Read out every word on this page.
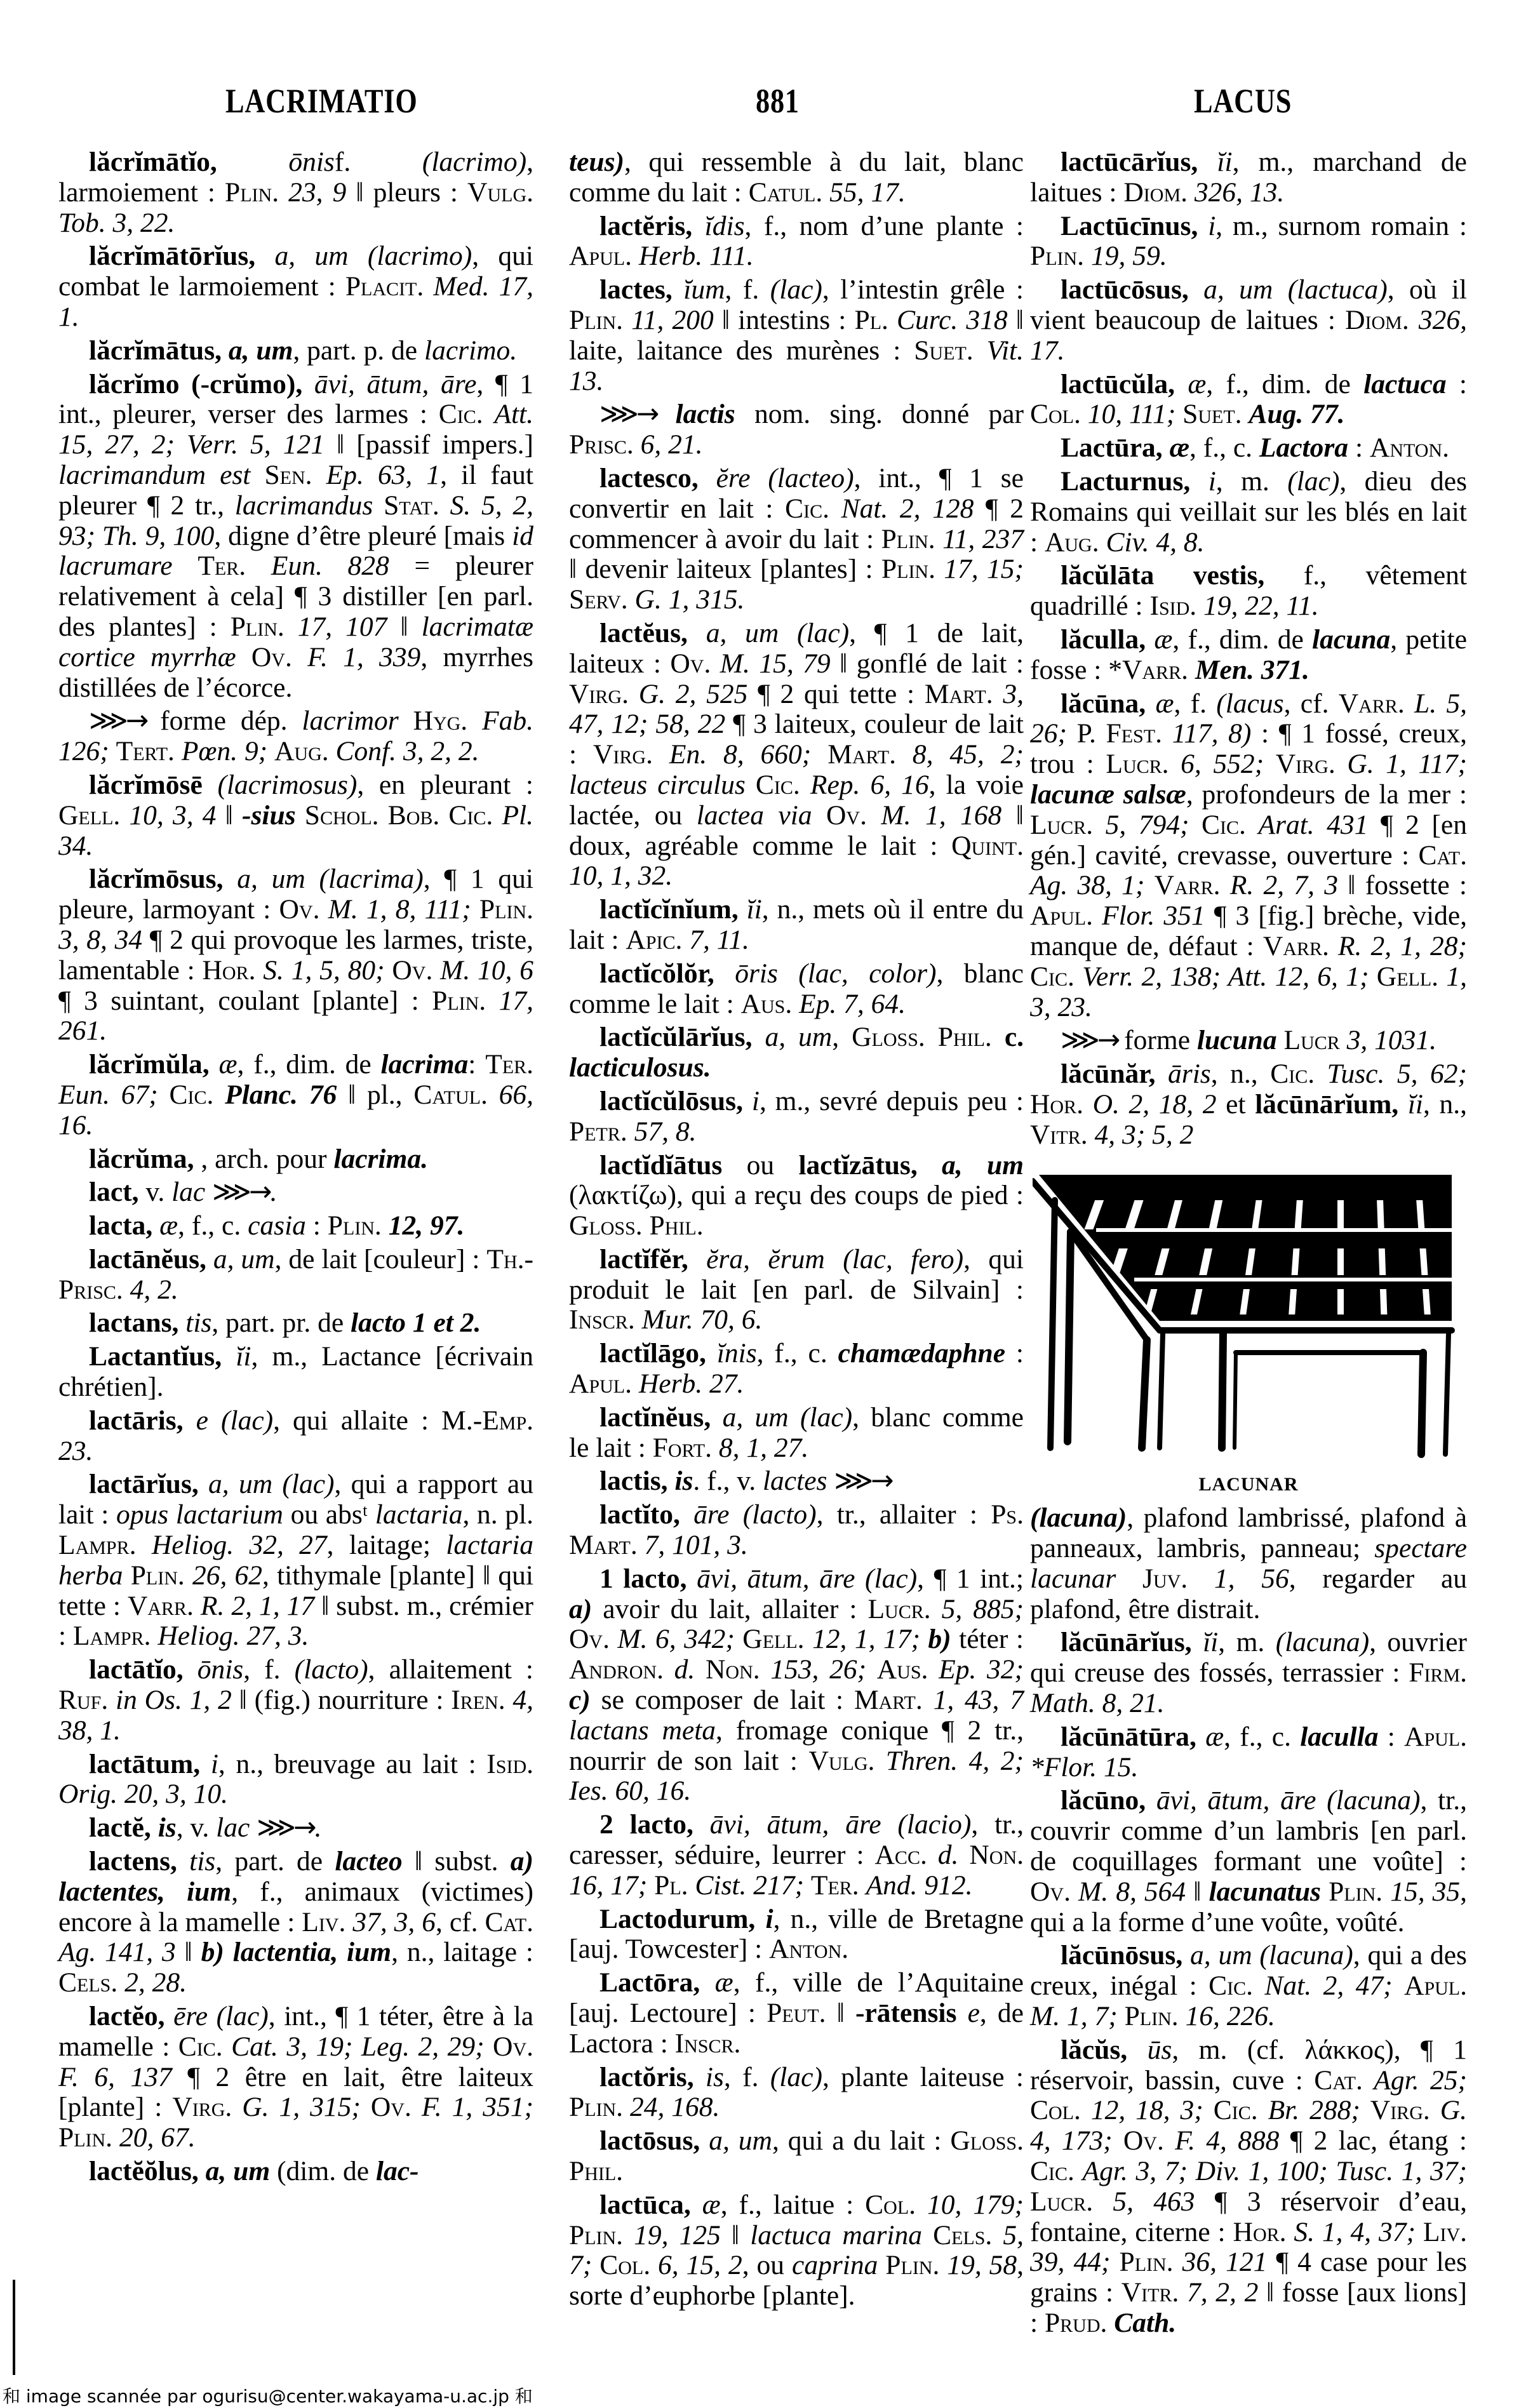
LACRIMATIO	881	LACUS

lăcrĭmātĭo, ōnisf. (lacrimo), larmoiement : Plin. 23, 9 ‖ pleurs : Vulg. Tob. 3, 22.

lăcrĭmātōrĭus, a, um (lacrimo), qui combat le larmoiement : Placit. Med. 17, 1.

lăcrĭmātus, a, um, part. p. de lacrimo.

lăcrĭmo (-crŭmo), āvi, ātum, āre, ¶ 1 int., pleurer, verser des larmes : Cic. Att. 15, 27, 2; Verr. 5, 121 ‖ [passif impers.] lacrimandum est Sen. Ep. 63, 1, il faut pleurer ¶ 2 tr., lacrimandus Stat. S. 5, 2, 93; Th. 9, 100, digne d’être pleuré [mais id lacrumare Ter. Eun. 828 = pleurer relativement à cela] ¶ 3 distiller [en parl. des plantes] : Plin. 17, 107 ‖ lacrimatæ cortice myrrhæ Ov. F. 1, 339, myrrhes distillées de l’écorce.

⋙→ forme dép. lacrimor Hyg. Fab. 126; Tert. Pœn. 9; Aug. Conf. 3, 2, 2.

lăcrĭmōsē (lacrimosus), en pleurant : Gell. 10, 3, 4 ‖ -sius Schol. Bob. Cic. Pl. 34.

lăcrĭmōsus, a, um (lacrima), ¶ 1 qui pleure, larmoyant : Ov. M. 1, 8, 111; Plin. 3, 8, 34 ¶ 2 qui provoque les larmes, triste, lamentable : Hor. S. 1, 5, 80; Ov. M. 10, 6 ¶ 3 suintant, coulant [plante] : Plin. 17, 261.

lăcrĭmŭla, æ, f., dim. de lacrima: Ter. Eun. 67; Cic. Planc. 76 ‖ pl., Catul. 66, 16.

lăcrŭma, , arch. pour lacrima.

lact, v. lac ⋙→.

lacta, æ, f., c. casia : Plin. 12, 97.

lactānĕus, a, um, de lait [couleur] : Th.-Prisc. 4, 2.

lactans, tis, part. pr. de lacto 1 et 2.

Lactantĭus, ĭi, m., Lactance [écrivain chrétien].

lactāris, e (lac), qui allaite : M.-Emp. 23.

lactārĭus, a, um (lac), qui a rapport au lait : opus lactarium ou absᵗ lactaria, n. pl. Lampr. Heliog. 32, 27, laitage; lactaria herba Plin. 26, 62, tithymale [plante] ‖ qui tette : Varr. R. 2, 1, 17 ‖ subst. m., crémier : Lampr. Heliog. 27, 3.

lactātĭo, ōnis, f. (lacto), allaitement : Ruf. in Os. 1, 2 ‖ (fig.) nourriture : Iren. 4, 38, 1.

lactātum, i, n., breuvage au lait : Isid. Orig. 20, 3, 10.

lactĕ, is, v. lac ⋙→.

lactens, tis, part. de lacteo ‖ subst. a) lactentes, ium, f., animaux (victimes) encore à la mamelle : Liv. 37, 3, 6, cf. Cat. Ag. 141, 3 ‖ b) lactentia, ium, n., laitage : Cels. 2, 28.

lactĕo, ēre (lac), int., ¶ 1 téter, être à la mamelle : Cic. Cat. 3, 19; Leg. 2, 29; Ov. F. 6, 137 ¶ 2 être en lait, être laiteux [plante] : Virg. G. 1, 315; Ov. F. 1, 351; Plin. 20, 67.

lactĕŏlus, a, um (dim. de lac-

teus), qui ressemble à du lait, blanc comme du lait : Catul. 55, 17.

lactĕris, ĭdis, f., nom d’une plante : Apul. Herb. 111.

lactes, ĭum, f. (lac), l’intestin grêle : Plin. 11, 200 ‖ intestins : Pl. Curc. 318 ‖ laite, laitance des murènes : Suet. Vit. 13.

⋙→ lactis nom. sing. donné par Prisc. 6, 21.

lactesco, ĕre (lacteo), int., ¶ 1 se convertir en lait : Cic. Nat. 2, 128 ¶ 2 commencer à avoir du lait : Plin. 11, 237 ‖ devenir laiteux [plantes] : Plin. 17, 15; Serv. G. 1, 315.

lactĕus, a, um (lac), ¶ 1 de lait, laiteux : Ov. M. 15, 79 ‖ gonflé de lait : Virg. G. 2, 525 ¶ 2 qui tette : Mart. 3, 47, 12; 58, 22 ¶ 3 laiteux, couleur de lait : Virg. En. 8, 660; Mart. 8, 45, 2; lacteus circulus Cic. Rep. 6, 16, la voie lactée, ou lactea via Ov. M. 1, 168 ‖ doux, agréable comme le lait : Quint. 10, 1, 32.

lactĭcĭnĭum, ĭi, n., mets où il entre du lait : Apic. 7, 11.

lactĭcŏlŏr, ōris (lac, color), blanc comme le lait : Aus. Ep. 7, 64.

lactĭcŭlārĭus, a, um, Gloss. Phil. c. lacticulosus.

lactĭcŭlōsus, i, m., sevré depuis peu : Petr. 57, 8.

lactĭdĭātus ou lactĭzātus, a, um (λακτίζω), qui a reçu des coups de pied : Gloss. Phil.

lactĭfĕr, ĕra, ĕrum (lac, fero), qui produit le lait [en parl. de Silvain] : Inscr. Mur. 70, 6.

lactĭlāgo, ĭnis, f., c. chamædaphne : Apul. Herb. 27.

lactĭnĕus, a, um (lac), blanc comme le lait : Fort. 8, 1, 27.

lactis, is. f., v. lactes ⋙→

lactĭto, āre (lacto), tr., allaiter : Ps. Mart. 7, 101, 3.

1 lacto, āvi, ātum, āre (lac), ¶ 1 int.; a) avoir du lait, allaiter : Lucr. 5, 885; Ov. M. 6, 342; Gell. 12, 1, 17; b) téter : Andron. d. Non. 153, 26; Aus. Ep. 32; c) se composer de lait : Mart. 1, 43, 7 lactans meta, fromage conique ¶ 2 tr., nourrir de son lait : Vulg. Thren. 4, 2; Ies. 60, 16.

2 lacto, āvi, ātum, āre (lacio), tr., caresser, séduire, leurrer : Acc. d. Non. 16, 17; Pl. Cist. 217; Ter. And. 912.

Lactodurum, i, n., ville de Bretagne [auj. Towcester] : Anton.

Lactōra, æ, f., ville de l’Aquitaine [auj. Lectoure] : Peut. ‖ -rātensis e, de Lactora : Inscr.

lactŏris, is, f. (lac), plante laiteuse : Plin. 24, 168.

lactōsus, a, um, qui a du lait : Gloss. Phil.

lactūca, æ, f., laitue : Col. 10, 179; Plin. 19, 125 ‖ lactuca marina Cels. 5, 7; Col. 6, 15, 2, ou caprina Plin. 19, 58, sorte d’euphorbe [plante].

lactūcārĭus, ĭi, m., marchand de laitues : Diom. 326, 13.

Lactūcīnus, i, m., surnom romain : Plin. 19, 59.

lactūcōsus, a, um (lactuca), où il vient beaucoup de laitues : Diom. 326, 17.

lactūcŭla, æ, f., dim. de lactuca : Col. 10, 111; Suet. Aug. 77.

Lactūra, æ, f., c. Lactora : Anton.

Lacturnus, i, m. (lac), dieu des Romains qui veillait sur les blés en lait : Aug. Civ. 4, 8.

lăcŭlāta vestis, f., vêtement quadrillé : Isid. 19, 22, 11.

lăculla, æ, f., dim. de lacuna, petite fosse : *Varr. Men. 371.

lăcūna, æ, f. (lacus, cf. Varr. L. 5, 26; P. Fest. 117, 8) : ¶ 1 fossé, creux, trou : Lucr. 6, 552; Virg. G. 1, 117; lacunæ salsæ, profondeurs de la mer : Lucr. 5, 794; Cic. Arat. 431 ¶ 2 [en gén.] cavité, crevasse, ouverture : Cat. Ag. 38, 1; Varr. R. 2, 7, 3 ‖ fossette : Apul. Flor. 351 ¶ 3 [fig.] brèche, vide, manque de, défaut : Varr. R. 2, 1, 28; Cic. Verr. 2, 138; Att. 12, 6, 1; Gell. 1, 3, 23.

⋙→ forme lucuna Lucr 3, 1031.

lăcūnăr, āris, n., Cic. Tusc. 5, 62; Hor. O. 2, 18, 2 et lăcūnārĭum, ĭi, n., Vitr. 4, 3; 5, 2

LACUNAR

(lacuna), plafond lambrissé, plafond à panneaux, lambris, panneau; spectare lacunar Juv. 1, 56, regarder au plafond, être distrait.

lăcūnārĭus, ĭi, m. (lacuna), ouvrier qui creuse des fossés, terrassier : Firm. Math. 8, 21.

lăcūnātūra, æ, f., c. laculla : Apul. *Flor. 15.

lăcūno, āvi, ātum, āre (lacuna), tr., couvrir comme d’un lambris [en parl. de coquillages formant une voûte] : Ov. M. 8, 564 ‖ lacunatus Plin. 15, 35, qui a la forme d’une voûte, voûté.

lăcūnōsus, a, um (lacuna), qui a des creux, inégal : Cic. Nat. 2, 47; Apul. M. 1, 7; Plin. 16, 226.

lăcŭs, ūs, m. (cf. λάκκος), ¶ 1 réservoir, bassin, cuve : Cat. Agr. 25; Col. 12, 18, 3; Cic. Br. 288; Virg. G. 4, 173; Ov. F. 4, 888 ¶ 2 lac, étang : Cic. Agr. 3, 7; Div. 1, 100; Tusc. 1, 37; Lucr. 5, 463 ¶ 3 réservoir d’eau, fontaine, citerne : Hor. S. 1, 4, 37; Liv. 39, 44; Plin. 36, 121 ¶ 4 case pour les grains : Vitr. 7, 2, 2 ‖ fosse [aux lions] : Prud. Cath.

和 image scannée par ogurisu@center.wakayama-u.ac.jp 和
